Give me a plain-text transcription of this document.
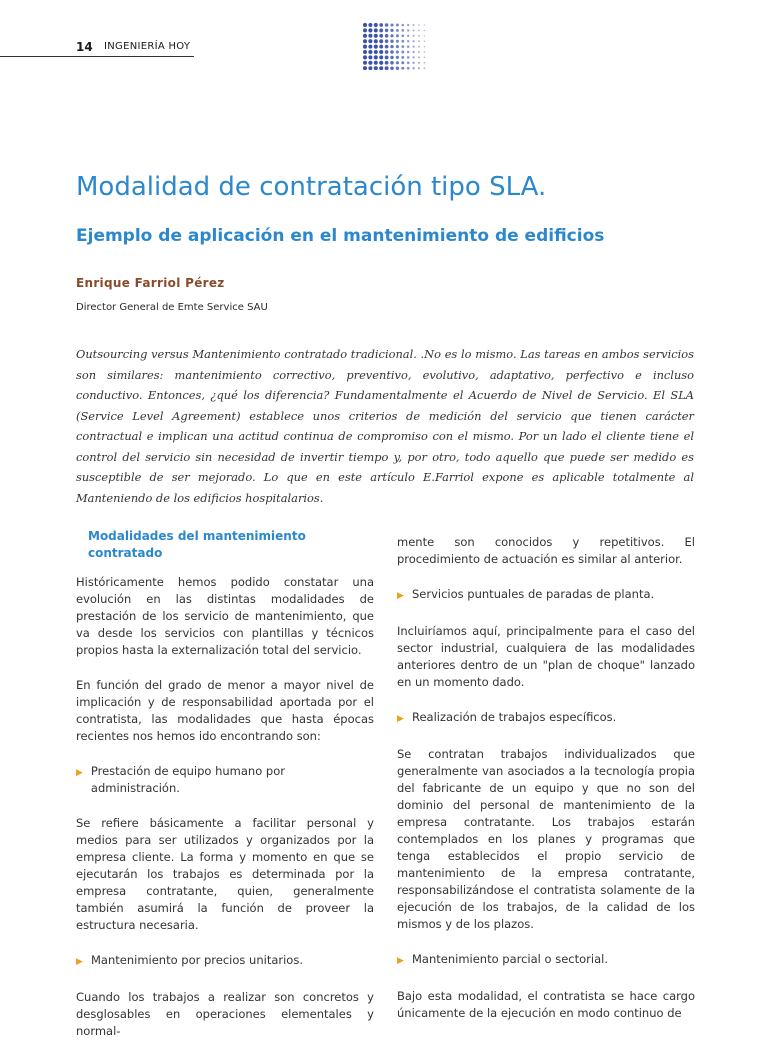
14 INGENIERÍA HOY
Modalidad de contratación tipo SLA.
Ejemplo de aplicación en el mantenimiento de edificios
Enrique Farriol Pérez
Director General de Emte Service SAU

Outsourcing versus Mantenimiento contratado tradicional. .No es lo mismo. Las tareas en ambos servicios son similares: mantenimiento correctivo, preventivo, evolutivo, adaptativo, perfectivo e incluso conductivo. Entonces, ¿qué los diferencia? Fundamentalmente el Acuerdo de Nivel de Servicio. El SLA (Service Level Agreement) establece unos criterios de medición del servicio que tienen carácter contractual e implican una actitud continua de compromiso con el mismo. Por un lado el cliente tiene el control del servicio sin necesidad de invertir tiempo y, por otro, todo aquello que puede ser medido es susceptible de ser mejorado. Lo que en este artículo E.Farriol expone es aplicable totalmente al Manteniendo de los edificios hospitalarios.

Modalidades del mantenimiento contratado

Históricamente hemos podido constatar una evolución en las distintas modalidades de prestación de los servicio de mantenimiento, que va desde los servicios con plantillas y técnicos propios hasta la externalización total del servicio.

En función del grado de menor a mayor nivel de implicación y de responsabilidad aportada por el contratista, las modalidades que hasta épocas recientes nos hemos ido encontrando son:

▶ Prestación de equipo humano por administración.

Se refiere básicamente a facilitar personal y medios para ser utilizados y organizados por la empresa cliente. La forma y momento en que se ejecutarán los trabajos es determinada por la empresa contratante, quien, generalmente también asumirá la función de proveer la estructura necesaria.

▶ Mantenimiento por precios unitarios.

Cuando los trabajos a realizar son concretos y desglosables en operaciones elementales y normal-

mente son conocidos y repetitivos. El procedimiento de actuación es similar al anterior.

▶ Servicios puntuales de paradas de planta.

Incluiríamos aquí, principalmente para el caso del sector industrial, cualquiera de las modalidades anteriores dentro de un "plan de choque" lanzado en un momento dado.

▶ Realización de trabajos específicos.

Se contratan trabajos individualizados que generalmente van asociados a la tecnología propia del fabricante de un equipo y que no son del dominio del personal de mantenimiento de la empresa contratante. Los trabajos estarán contemplados en los planes y programas que tenga establecidos el propio servicio de mantenimiento de la empresa contratante, responsabilizándose el contratista solamente de la ejecución de los trabajos, de la calidad de los mismos y de los plazos.

▶ Mantenimiento parcial o sectorial.

Bajo esta modalidad, el contratista se hace cargo únicamente de la ejecución en modo continuo de
